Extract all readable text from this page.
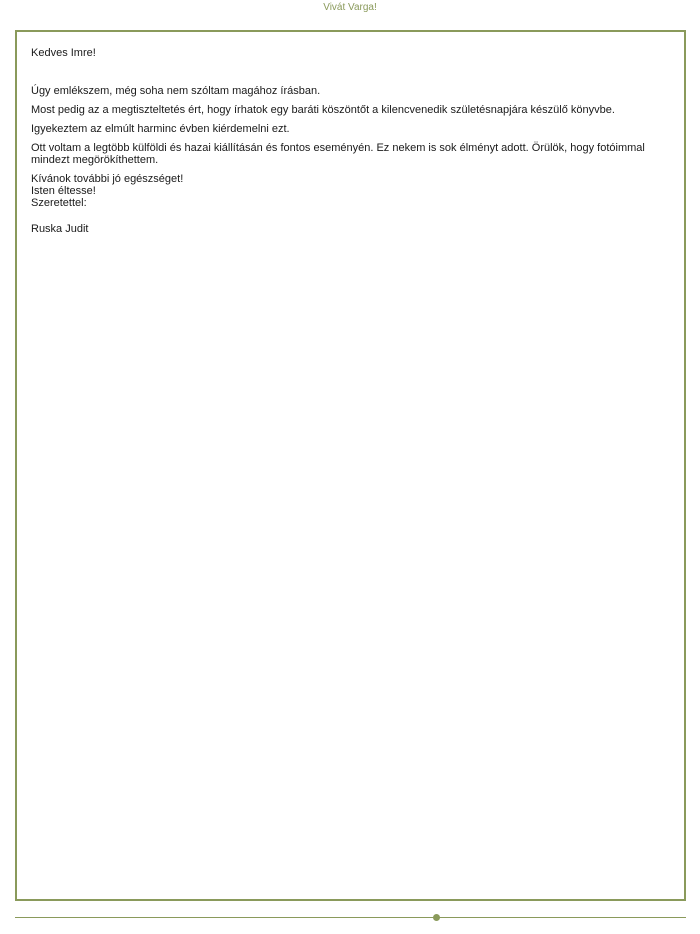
Vivát Varga!

Kedves Imre!

Úgy emlékszem, még soha nem szóltam magához írásban.

Most pedig az a megtiszteltetés ért, hogy írhatok egy baráti köszöntőt a kilencvenedik születésnapjára készülő könyvbe.

Igyekeztem az elmúlt harminc évben kiérdemelni ezt.

Ott voltam a legtöbb külföldi és hazai kiállításán és fontos eseményén. Ez nekem is sok élményt adott. Örülök, hogy fotóimmal mindezt megörökíthettem.

Kívánok további jó egészséget!

Isten éltesse!

Szeretettel:

Ruska Judit
